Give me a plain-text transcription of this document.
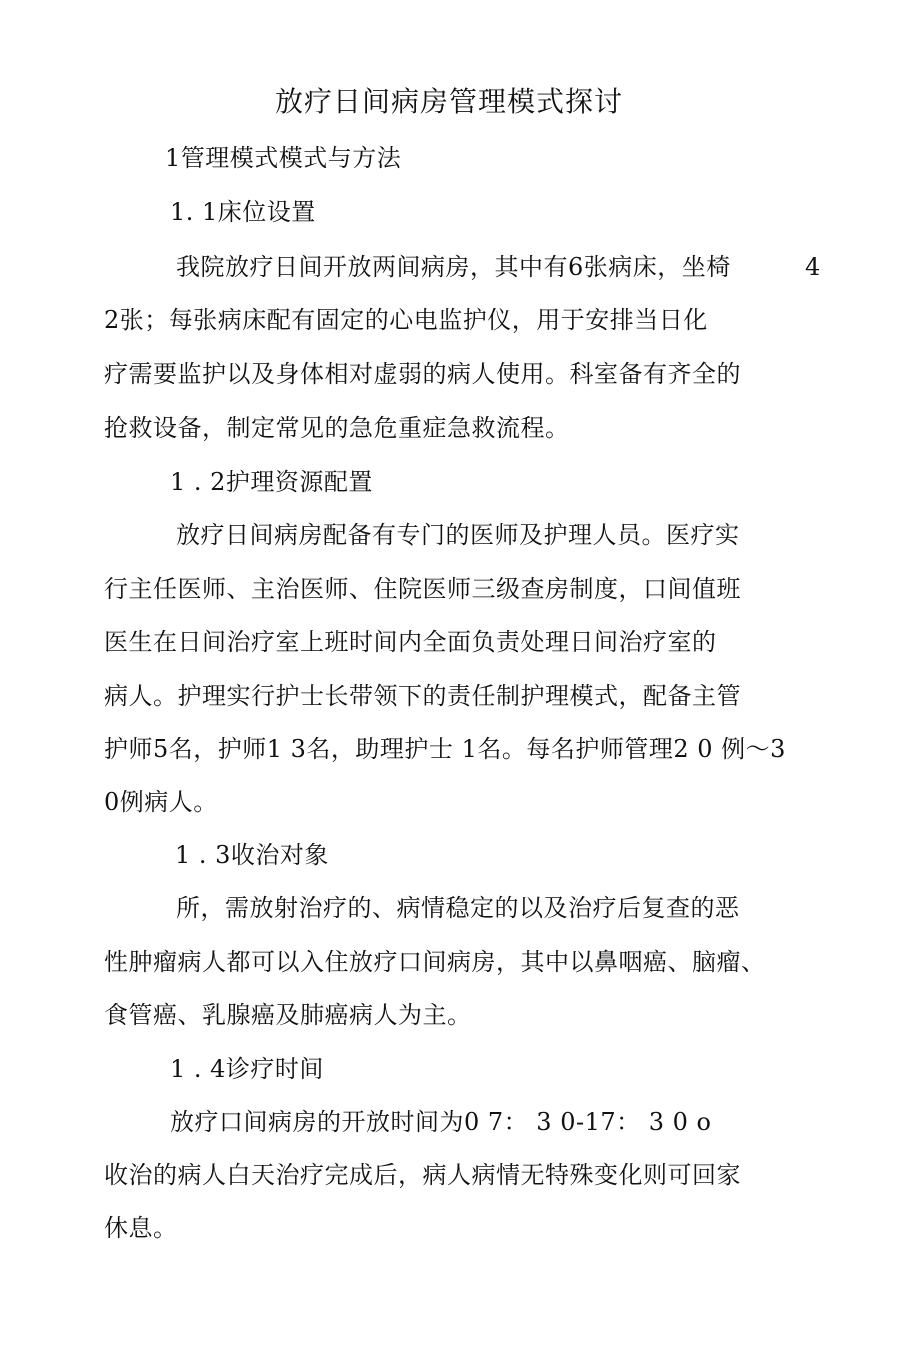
放疗日间病房管理模式探讨
1管理模式模式与方法
1. 1床位设置
我院放疗日间开放两间病房，其中有6张病床，坐椅	4
2张；每张病床配有固定的心电监护仪，用于安排当日化
疗需要监护以及身体相对虚弱的病人使用。科室备有齐全的
抢救设备，制定常见的急危重症急救流程。
1 . 2护理资源配置
放疗日间病房配备有专门的医师及护理人员。医疗实
行主任医师、主治医师、住院医师三级查房制度，口间值班
医生在日间治疗室上班时间内全面负责处理日间治疗室的
病人。护理实行护士长带领下的责任制护理模式，配备主管
护师5名，护师1 3名，助理护士 1名。每名护师管理2 0 例～3
0例病人。
1 . 3收治对象
所，需放射治疗的、病情稳定的以及治疗后复查的恶
性肿瘤病人都可以入住放疗口间病房，其中以鼻咽癌、脑瘤、
食管癌、乳腺癌及肺癌病人为主。
1 . 4诊疗时间
放疗口间病房的开放时间为0 7： 3 0-17： 3 0 o
收治的病人白天治疗完成后，病人病情无特殊变化则可回家
休息。
